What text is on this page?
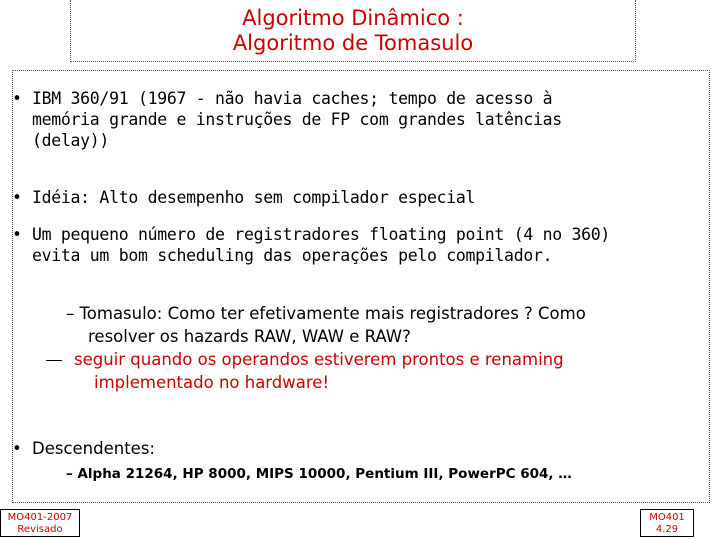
Algoritmo Dinâmico :
Algoritmo de Tomasulo
• IBM 360/91 (1967 - não havia caches; tempo de acesso à
memória grande e instruções de FP com grandes latências
(delay))
• Idéia: Alto desempenho sem compilador especial
• Um pequeno número de registradores floating point (4 no 360)
evita um bom scheduling das operações pelo compilador.
– Tomasulo: Como ter efetivamente mais registradores ? Como
resolver os hazards RAW, WAW e RAW?
seguir quando os operandos estiverem prontos e renaming
implementado no hardware!
• Descendentes:
– Alpha 21264, HP 8000, MIPS 10000, Pentium III, PowerPC 604, …
MO401-2007
Revisado
MO401
4.29
